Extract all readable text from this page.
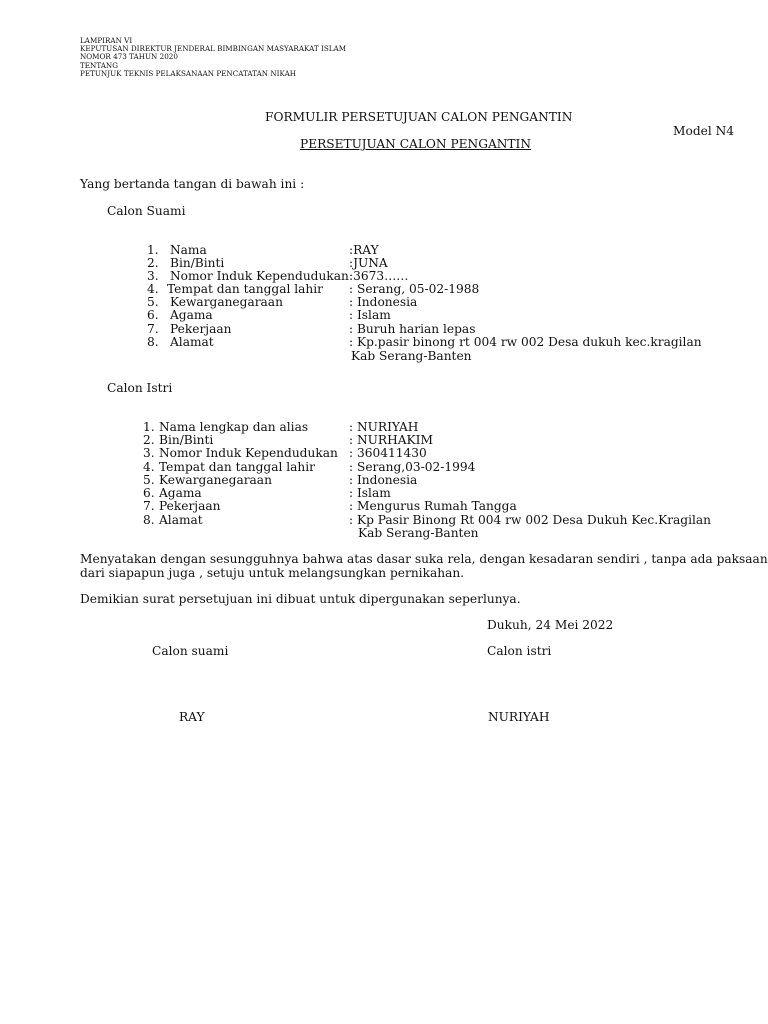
LAMPIRAN VI
KEPUTUSAN DIREKTUR JENDERAL BIMBINGAN MASYARAKAT ISLAM
NOMOR 473 TAHUN 2020
TENTANG
PETUNJUK TEKNIS PELAKSANAAN PENCATATAN NIKAH
FORMULIR PERSETUJUAN CALON PENGANTIN
Model N4
PERSETUJUAN CALON PENGANTIN
Yang bertanda tangan di bawah ini :
Calon Suami
1. Nama	:RAY
2. Bin/Binti	:JUNA
3. Nomor Induk Kependudukan :3673……
4. Tempat dan tanggal lahir : Serang, 05-02-1988
5. Kewarganegaraan	: Indonesia
6. Agama	: Islam
7. Pekerjaan	: Buruh harian lepas
8. Alamat	: Kp.pasir binong rt 004 rw 002 Desa dukuh kec.kragilan
Kab Serang-Banten
Calon Istri
1. Nama lengkap dan alias	: NURIYAH
2. Bin/Binti	: NURHAKIM
3. Nomor Induk Kependudukan : 360411430
4. Tempat dan tanggal lahir	: Serang,03-02-1994
5. Kewarganegaraan	: Indonesia
6. Agama	: Islam
7. Pekerjaan	: Mengurus Rumah Tangga
8. Alamat	: Kp Pasir Binong Rt 004 rw 002 Desa Dukuh Kec.Kragilan
Kab Serang-Banten
Menyatakan dengan sesungguhnya bahwa atas dasar suka rela, dengan kesadaran sendiri , tanpa ada paksaan
dari siapapun juga , setuju untuk melangsungkan pernikahan.
Demikian surat persetujuan ini dibuat untuk dipergunakan seperlunya.
Dukuh, 24 Mei 2022
Calon suami	Calon istri
RAY	NURIYAH
